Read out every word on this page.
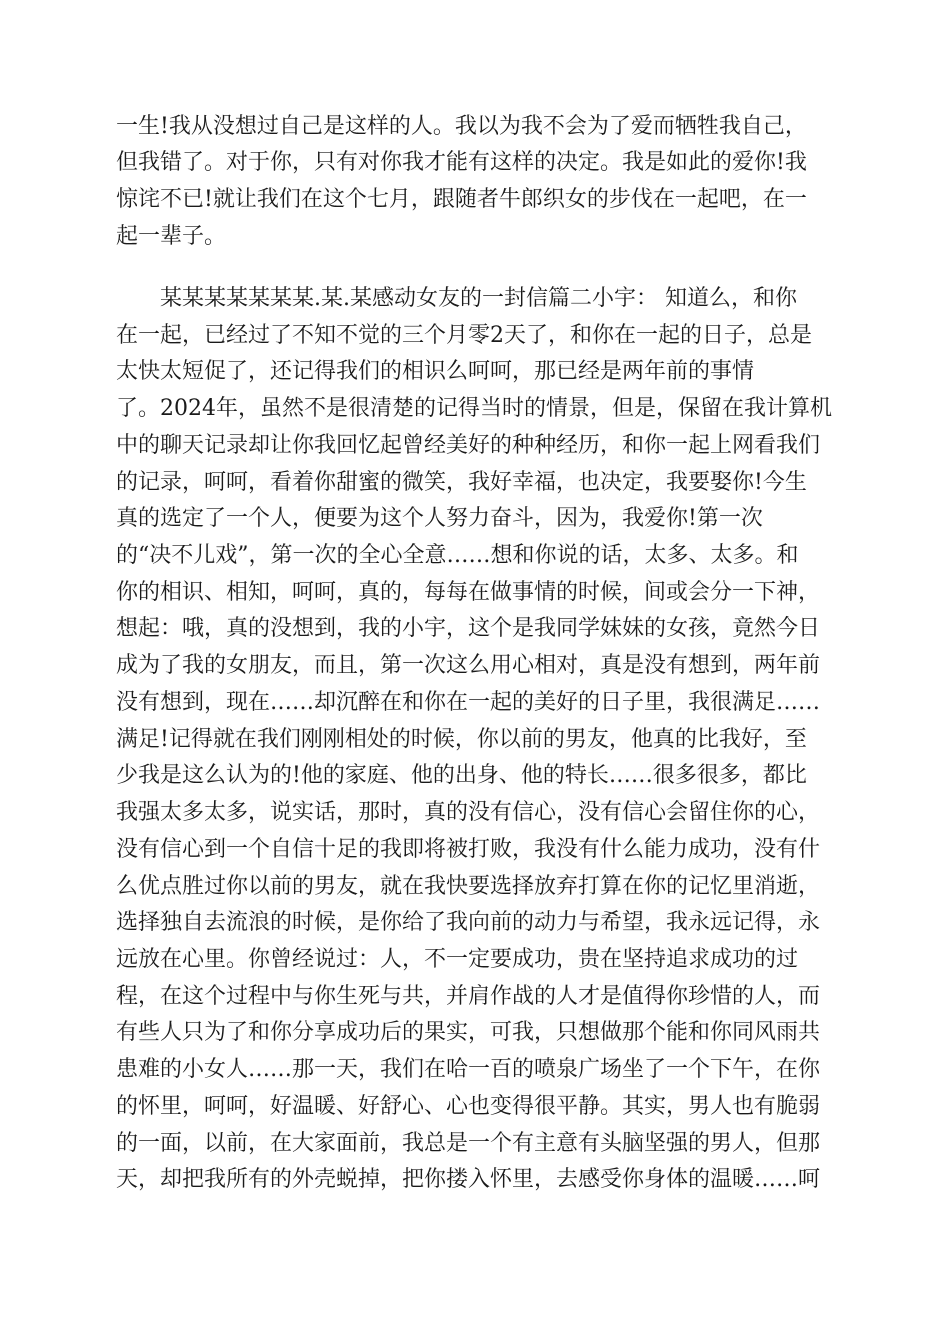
一生!我从没想过自己是这样的人。我以为我不会为了爱而牺牲我自己，
但我错了。对于你，只有对你我才能有这样的决定。我是如此的爱你!我
惊诧不已!就让我们在这个七月，跟随者牛郎织女的步伐在一起吧，在一
起一辈子。
某某某某某某某.某.某感动女友的一封信篇二小宇： 知道么，和你
在一起，已经过了不知不觉的三个月零2天了，和你在一起的日子，总是
太快太短促了，还记得我们的相识么呵呵，那已经是两年前的事情
了。2024年，虽然不是很清楚的记得当时的情景，但是，保留在我计算机
中的聊天记录却让你我回忆起曾经美好的种种经历，和你一起上网看我们
的记录，呵呵，看着你甜蜜的微笑，我好幸福，也决定，我要娶你!今生
真的选定了一个人，便要为这个人努力奋斗，因为，我爱你!第一次
的“决不儿戏”，第一次的全心全意……想和你说的话，太多、太多。和
你的相识、相知，呵呵，真的，每每在做事情的时候，间或会分一下神，
想起：哦，真的没想到，我的小宇，这个是我同学妹妹的女孩，竟然今日
成为了我的女朋友，而且，第一次这么用心相对，真是没有想到，两年前
没有想到，现在……却沉醉在和你在一起的美好的日子里，我很满足……
满足!记得就在我们刚刚相处的时候，你以前的男友，他真的比我好，至
少我是这么认为的!他的家庭、他的出身、他的特长……很多很多，都比
我强太多太多，说实话，那时，真的没有信心，没有信心会留住你的心，
没有信心到一个自信十足的我即将被打败，我没有什么能力成功，没有什
么优点胜过你以前的男友，就在我快要选择放弃打算在你的记忆里消逝，
选择独自去流浪的时候，是你给了我向前的动力与希望，我永远记得，永
远放在心里。你曾经说过：人，不一定要成功，贵在坚持追求成功的过
程，在这个过程中与你生死与共，并肩作战的人才是值得你珍惜的人，而
有些人只为了和你分享成功后的果实，可我，只想做那个能和你同风雨共
患难的小女人……那一天，我们在哈一百的喷泉广场坐了一个下午，在你
的怀里，呵呵，好温暖、好舒心、心也变得很平静。其实，男人也有脆弱
的一面，以前，在大家面前，我总是一个有主意有头脑坚强的男人，但那
天，却把我所有的外壳蜕掉，把你搂入怀里，去感受你身体的温暖……呵
